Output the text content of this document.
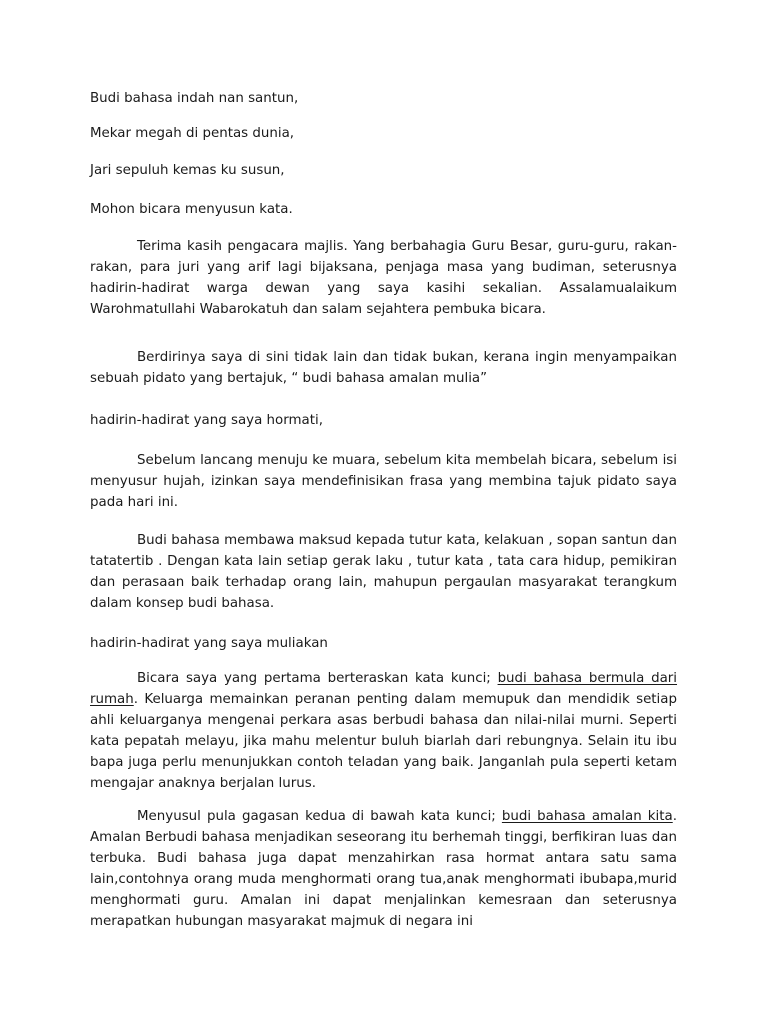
Budi bahasa indah nan santun,

Mekar megah di pentas dunia,

Jari sepuluh kemas ku susun,

Mohon bicara menyusun kata.

Terima kasih pengacara majlis. Yang berbahagia Guru Besar, guru-guru, rakan-rakan, para juri yang arif lagi bijaksana, penjaga masa yang budiman, seterusnya hadirin-hadirat warga dewan yang saya kasihi sekalian. Assalamualaikum Warohmatullahi Wabarokatuh dan salam sejahtera pembuka bicara.

Berdirinya saya di sini tidak lain dan tidak bukan, kerana ingin menyampaikan sebuah pidato yang bertajuk, “ budi bahasa amalan mulia”

hadirin-hadirat yang saya hormati,

Sebelum lancang menuju ke muara, sebelum kita membelah bicara, sebelum isi menyusur hujah, izinkan saya mendefinisikan frasa yang membina tajuk pidato saya pada hari ini.

Budi bahasa membawa maksud kepada tutur kata, kelakuan , sopan santun dan tatatertib . Dengan kata lain setiap gerak laku , tutur kata , tata cara hidup, pemikiran dan perasaan baik terhadap orang lain, mahupun pergaulan masyarakat terangkum dalam konsep budi bahasa.

hadirin-hadirat yang saya muliakan

Bicara saya yang pertama berteraskan kata kunci; budi bahasa bermula dari rumah. Keluarga memainkan peranan penting dalam memupuk dan mendidik setiap ahli keluarganya mengenai perkara asas berbudi bahasa dan nilai-nilai murni. Seperti kata pepatah melayu, jika mahu melentur buluh biarlah dari rebungnya. Selain itu ibu bapa juga perlu menunjukkan contoh teladan yang baik. Janganlah pula seperti ketam mengajar anaknya berjalan lurus.

Menyusul pula gagasan kedua di bawah kata kunci; budi bahasa amalan kita. Amalan Berbudi bahasa menjadikan seseorang itu berhemah tinggi, berfikiran luas dan terbuka. Budi bahasa juga dapat menzahirkan rasa hormat antara satu sama lain,contohnya orang muda menghormati orang tua,anak menghormati ibubapa,murid menghormati guru. Amalan ini dapat menjalinkan kemesraan dan seterusnya merapatkan hubungan masyarakat majmuk di negara ini
